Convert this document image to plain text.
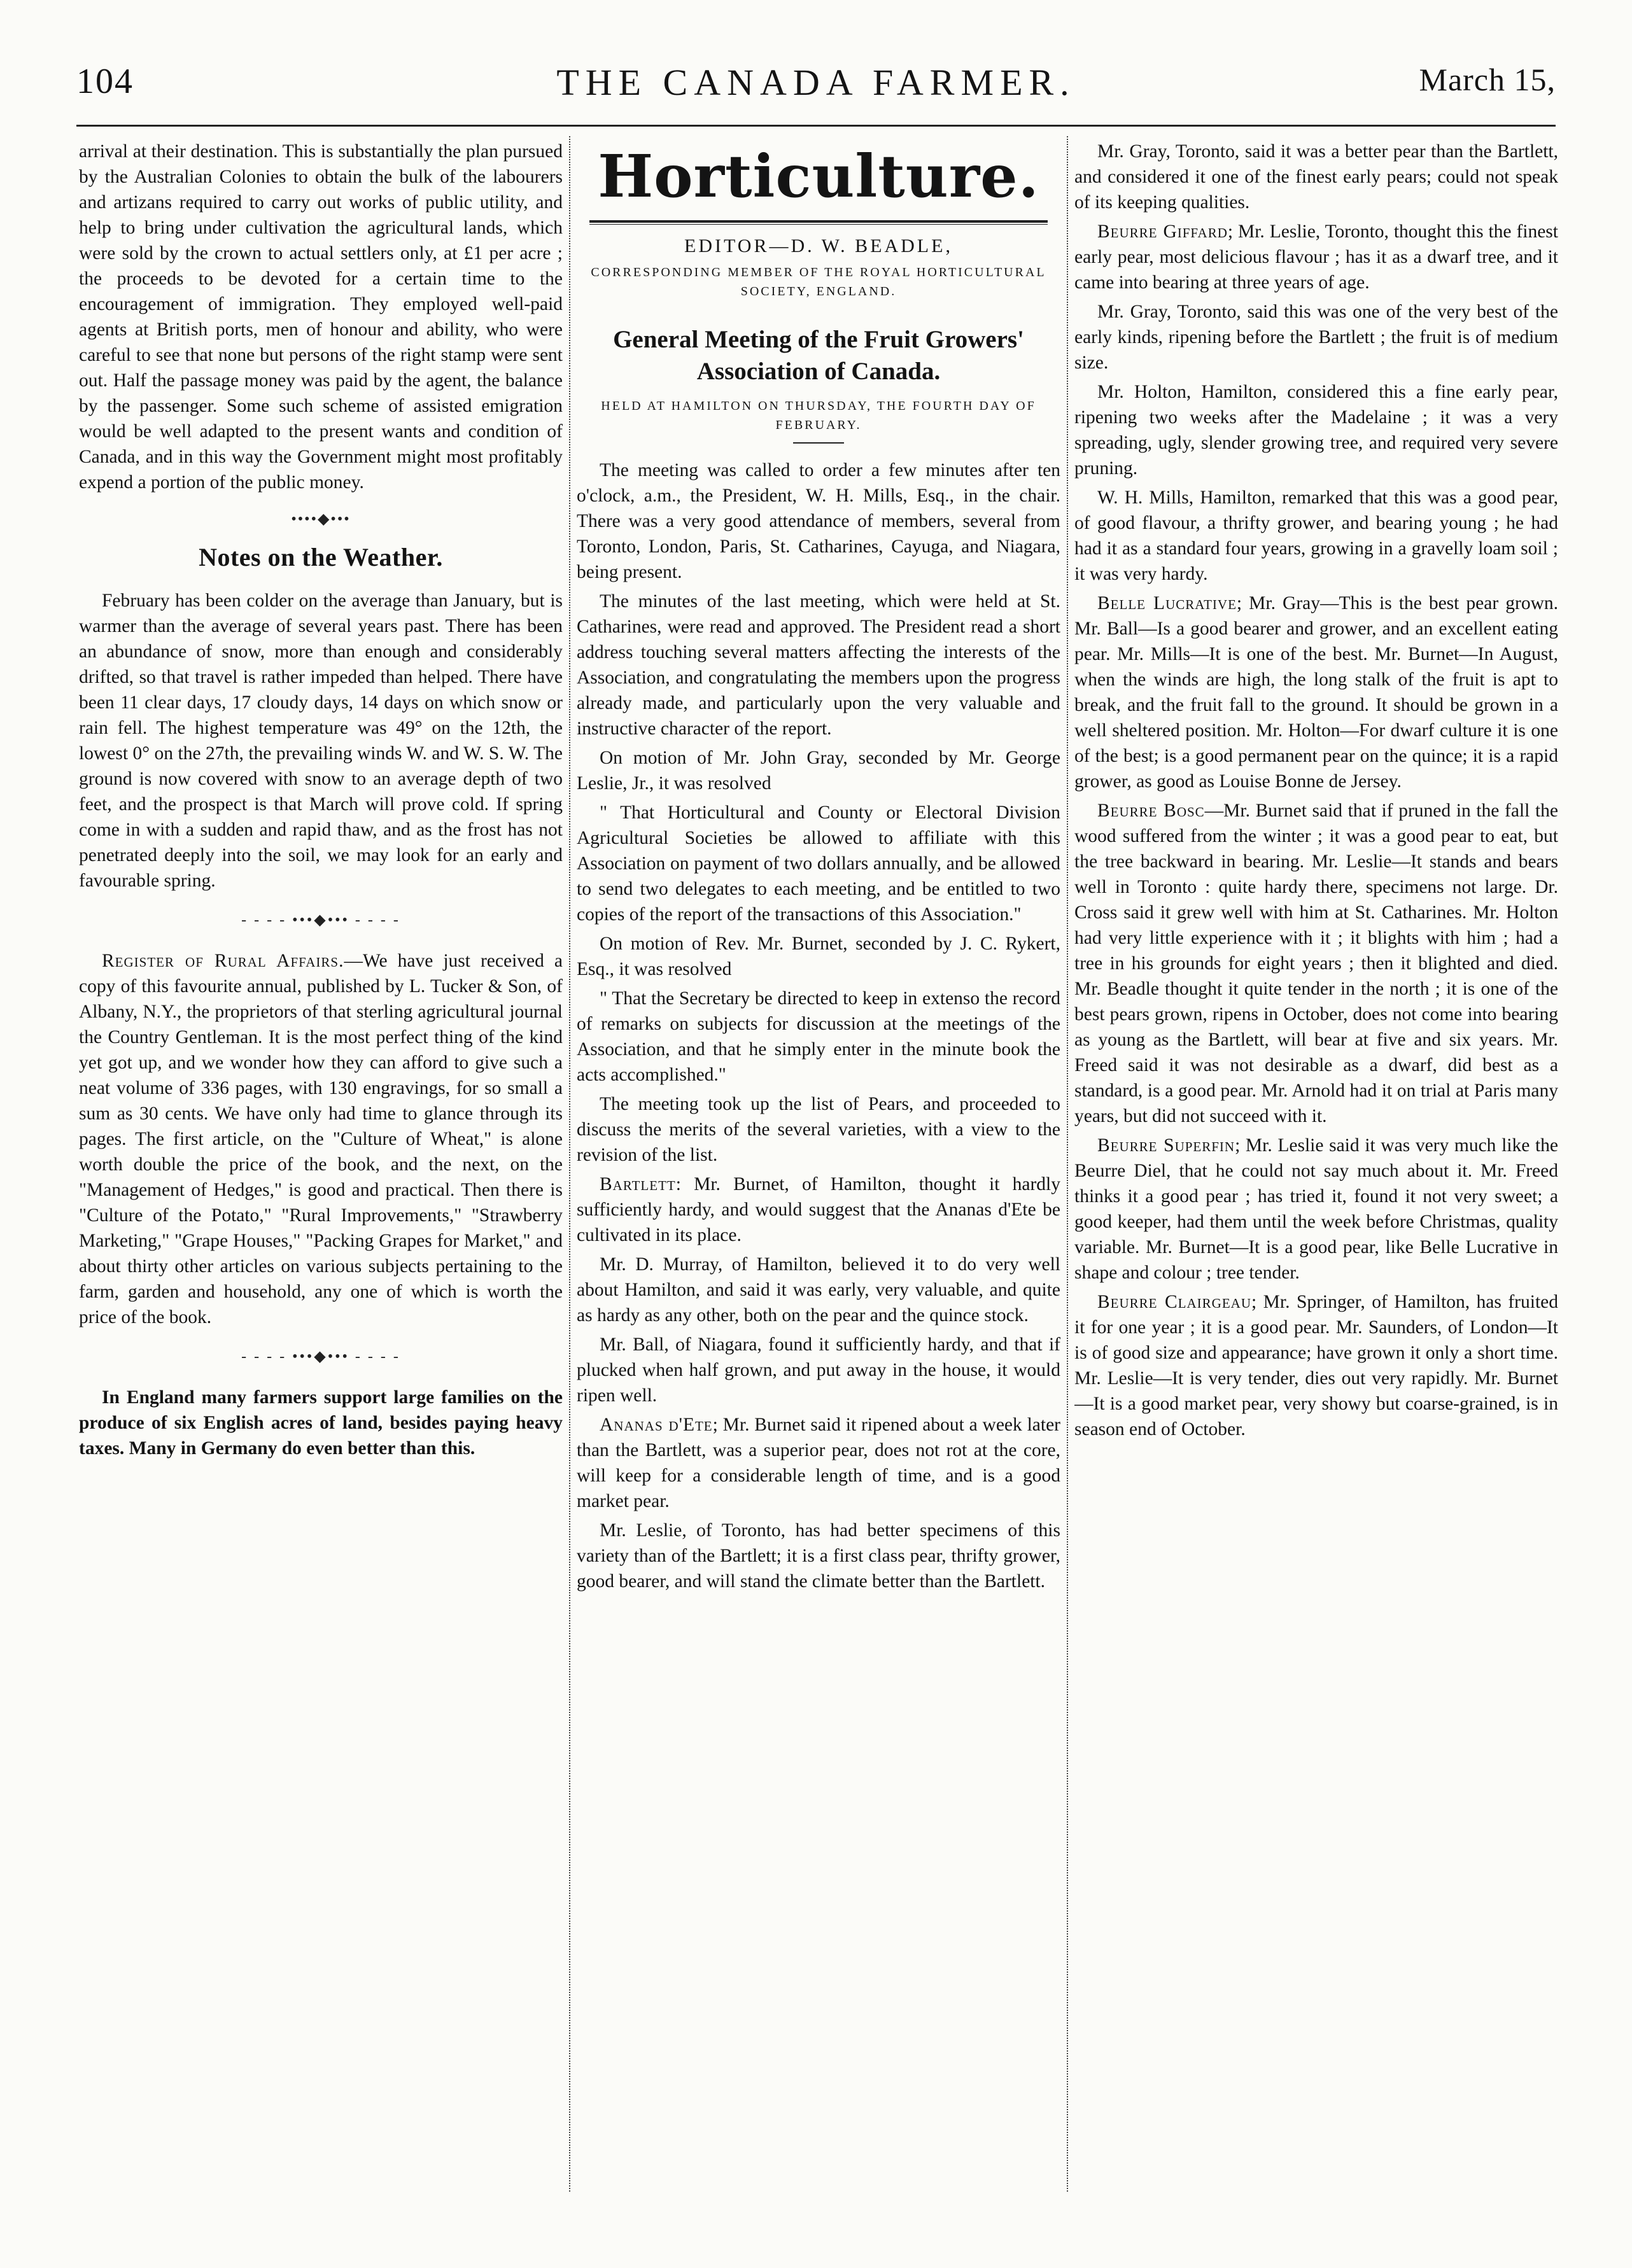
104	THE CANADA FARMER.	March 15,

arrival at their destination. This is substantially the plan pursued by the Australian Colonies to obtain the bulk of the labourers and artizans required to carry out works of public utility, and help to bring under cultivation the agricultural lands, which were sold by the crown to actual settlers only, at £1 per acre ; the proceeds to be devoted for a certain time to the encouragement of immigration. They employed well-paid agents at British ports, men of honour and ability, who were careful to see that none but persons of the right stamp were sent out. Half the passage money was paid by the agent, the balance by the passenger. Some such scheme of assisted emigration would be well adapted to the present wants and condition of Canada, and in this way the Government might most profitably expend a portion of the public money.

••••◆•••
Notes on the Weather.

February has been colder on the average than January, but is warmer than the average of several years past. There has been an abundance of snow, more than enough and considerably drifted, so that travel is rather impeded than helped. There have been 11 clear days, 17 cloudy days, 14 days on which snow or rain fell. The highest temperature was 49° on the 12th, the lowest 0° on the 27th, the prevailing winds W. and W. S. W. The ground is now covered with snow to an average depth of two feet, and the prospect is that March will prove cold. If spring come in with a sudden and rapid thaw, and as the frost has not penetrated deeply into the soil, we may look for an early and favourable spring.

- - - - •••◆••• - - - -

Register of Rural Affairs.—We have just received a copy of this favourite annual, published by L. Tucker & Son, of Albany, N.Y., the proprietors of that sterling agricultural journal the Country Gentleman. It is the most perfect thing of the kind yet got up, and we wonder how they can afford to give such a neat volume of 336 pages, with 130 engravings, for so small a sum as 30 cents. We have only had time to glance through its pages. The first article, on the "Culture of Wheat," is alone worth double the price of the book, and the next, on the "Management of Hedges," is good and practical. Then there is "Culture of the Potato," "Rural Improvements," "Strawberry Marketing," "Grape Houses," "Packing Grapes for Market," and about thirty other articles on various subjects pertaining to the farm, garden and household, any one of which is worth the price of the book.

- - - - •••◆••• - - - -

In England many farmers support large families on the produce of six English acres of land, besides paying heavy taxes. Many in Germany do even better than this.

Horticulture.
EDITOR—D. W. BEADLE,
CORRESPONDING MEMBER OF THE ROYAL HORTICULTURAL SOCIETY, ENGLAND.
General Meeting of the Fruit Growers' Association of Canada.
HELD AT HAMILTON ON THURSDAY, THE FOURTH DAY OF FEBRUARY.

The meeting was called to order a few minutes after ten o'clock, a.m., the President, W. H. Mills, Esq., in the chair. There was a very good attendance of members, several from Toronto, London, Paris, St. Catharines, Cayuga, and Niagara, being present.

The minutes of the last meeting, which were held at St. Catharines, were read and approved. The President read a short address touching several matters affecting the interests of the Association, and congratulating the members upon the progress already made, and particularly upon the very valuable and instructive character of the report.

On motion of Mr. John Gray, seconded by Mr. George Leslie, Jr., it was resolved

" That Horticultural and County or Electoral Division Agricultural Societies be allowed to affiliate with this Association on payment of two dollars annually, and be allowed to send two delegates to each meeting, and be entitled to two copies of the report of the transactions of this Association."

On motion of Rev. Mr. Burnet, seconded by J. C. Rykert, Esq., it was resolved

" That the Secretary be directed to keep in extenso the record of remarks on subjects for discussion at the meetings of the Association, and that he simply enter in the minute book the acts accomplished."

The meeting took up the list of Pears, and proceeded to discuss the merits of the several varieties, with a view to the revision of the list.

Bartlett: Mr. Burnet, of Hamilton, thought it hardly sufficiently hardy, and would suggest that the Ananas d'Ete be cultivated in its place.

Mr. D. Murray, of Hamilton, believed it to do very well about Hamilton, and said it was early, very valuable, and quite as hardy as any other, both on the pear and the quince stock.

Mr. Ball, of Niagara, found it sufficiently hardy, and that if plucked when half grown, and put away in the house, it would ripen well.

Ananas d'Ete; Mr. Burnet said it ripened about a week later than the Bartlett, was a superior pear, does not rot at the core, will keep for a considerable length of time, and is a good market pear.

Mr. Leslie, of Toronto, has had better specimens of this variety than of the Bartlett; it is a first class pear, thrifty grower, good bearer, and will stand the climate better than the Bartlett.

Mr. Gray, Toronto, said it was a better pear than the Bartlett, and considered it one of the finest early pears; could not speak of its keeping qualities.

Beurre Giffard; Mr. Leslie, Toronto, thought this the finest early pear, most delicious flavour ; has it as a dwarf tree, and it came into bearing at three years of age.

Mr. Gray, Toronto, said this was one of the very best of the early kinds, ripening before the Bartlett ; the fruit is of medium size.

Mr. Holton, Hamilton, considered this a fine early pear, ripening two weeks after the Madelaine ; it was a very spreading, ugly, slender growing tree, and required very severe pruning.

W. H. Mills, Hamilton, remarked that this was a good pear, of good flavour, a thrifty grower, and bearing young ; he had had it as a standard four years, growing in a gravelly loam soil ; it was very hardy.

Belle Lucrative; Mr. Gray—This is the best pear grown. Mr. Ball—Is a good bearer and grower, and an excellent eating pear. Mr. Mills—It is one of the best. Mr. Burnet—In August, when the winds are high, the long stalk of the fruit is apt to break, and the fruit fall to the ground. It should be grown in a well sheltered position. Mr. Holton—For dwarf culture it is one of the best; is a good permanent pear on the quince; it is a rapid grower, as good as Louise Bonne de Jersey.

Beurre Bosc—Mr. Burnet said that if pruned in the fall the wood suffered from the winter ; it was a good pear to eat, but the tree backward in bearing. Mr. Leslie—It stands and bears well in Toronto : quite hardy there, specimens not large. Dr. Cross said it grew well with him at St. Catharines. Mr. Holton had very little experience with it ; it blights with him ; had a tree in his grounds for eight years ; then it blighted and died. Mr. Beadle thought it quite tender in the north ; it is one of the best pears grown, ripens in October, does not come into bearing as young as the Bartlett, will bear at five and six years. Mr. Freed said it was not desirable as a dwarf, did best as a standard, is a good pear. Mr. Arnold had it on trial at Paris many years, but did not succeed with it.

Beurre Superfin; Mr. Leslie said it was very much like the Beurre Diel, that he could not say much about it. Mr. Freed thinks it a good pear ; has tried it, found it not very sweet; a good keeper, had them until the week before Christmas, quality variable. Mr. Burnet—It is a good pear, like Belle Lucrative in shape and colour ; tree tender.

Beurre Clairgeau; Mr. Springer, of Hamilton, has fruited it for one year ; it is a good pear. Mr. Saunders, of London—It is of good size and appearance; have grown it only a short time. Mr. Leslie—It is very tender, dies out very rapidly. Mr. Burnet—It is a good market pear, very showy but coarse-grained, is in season end of October.
